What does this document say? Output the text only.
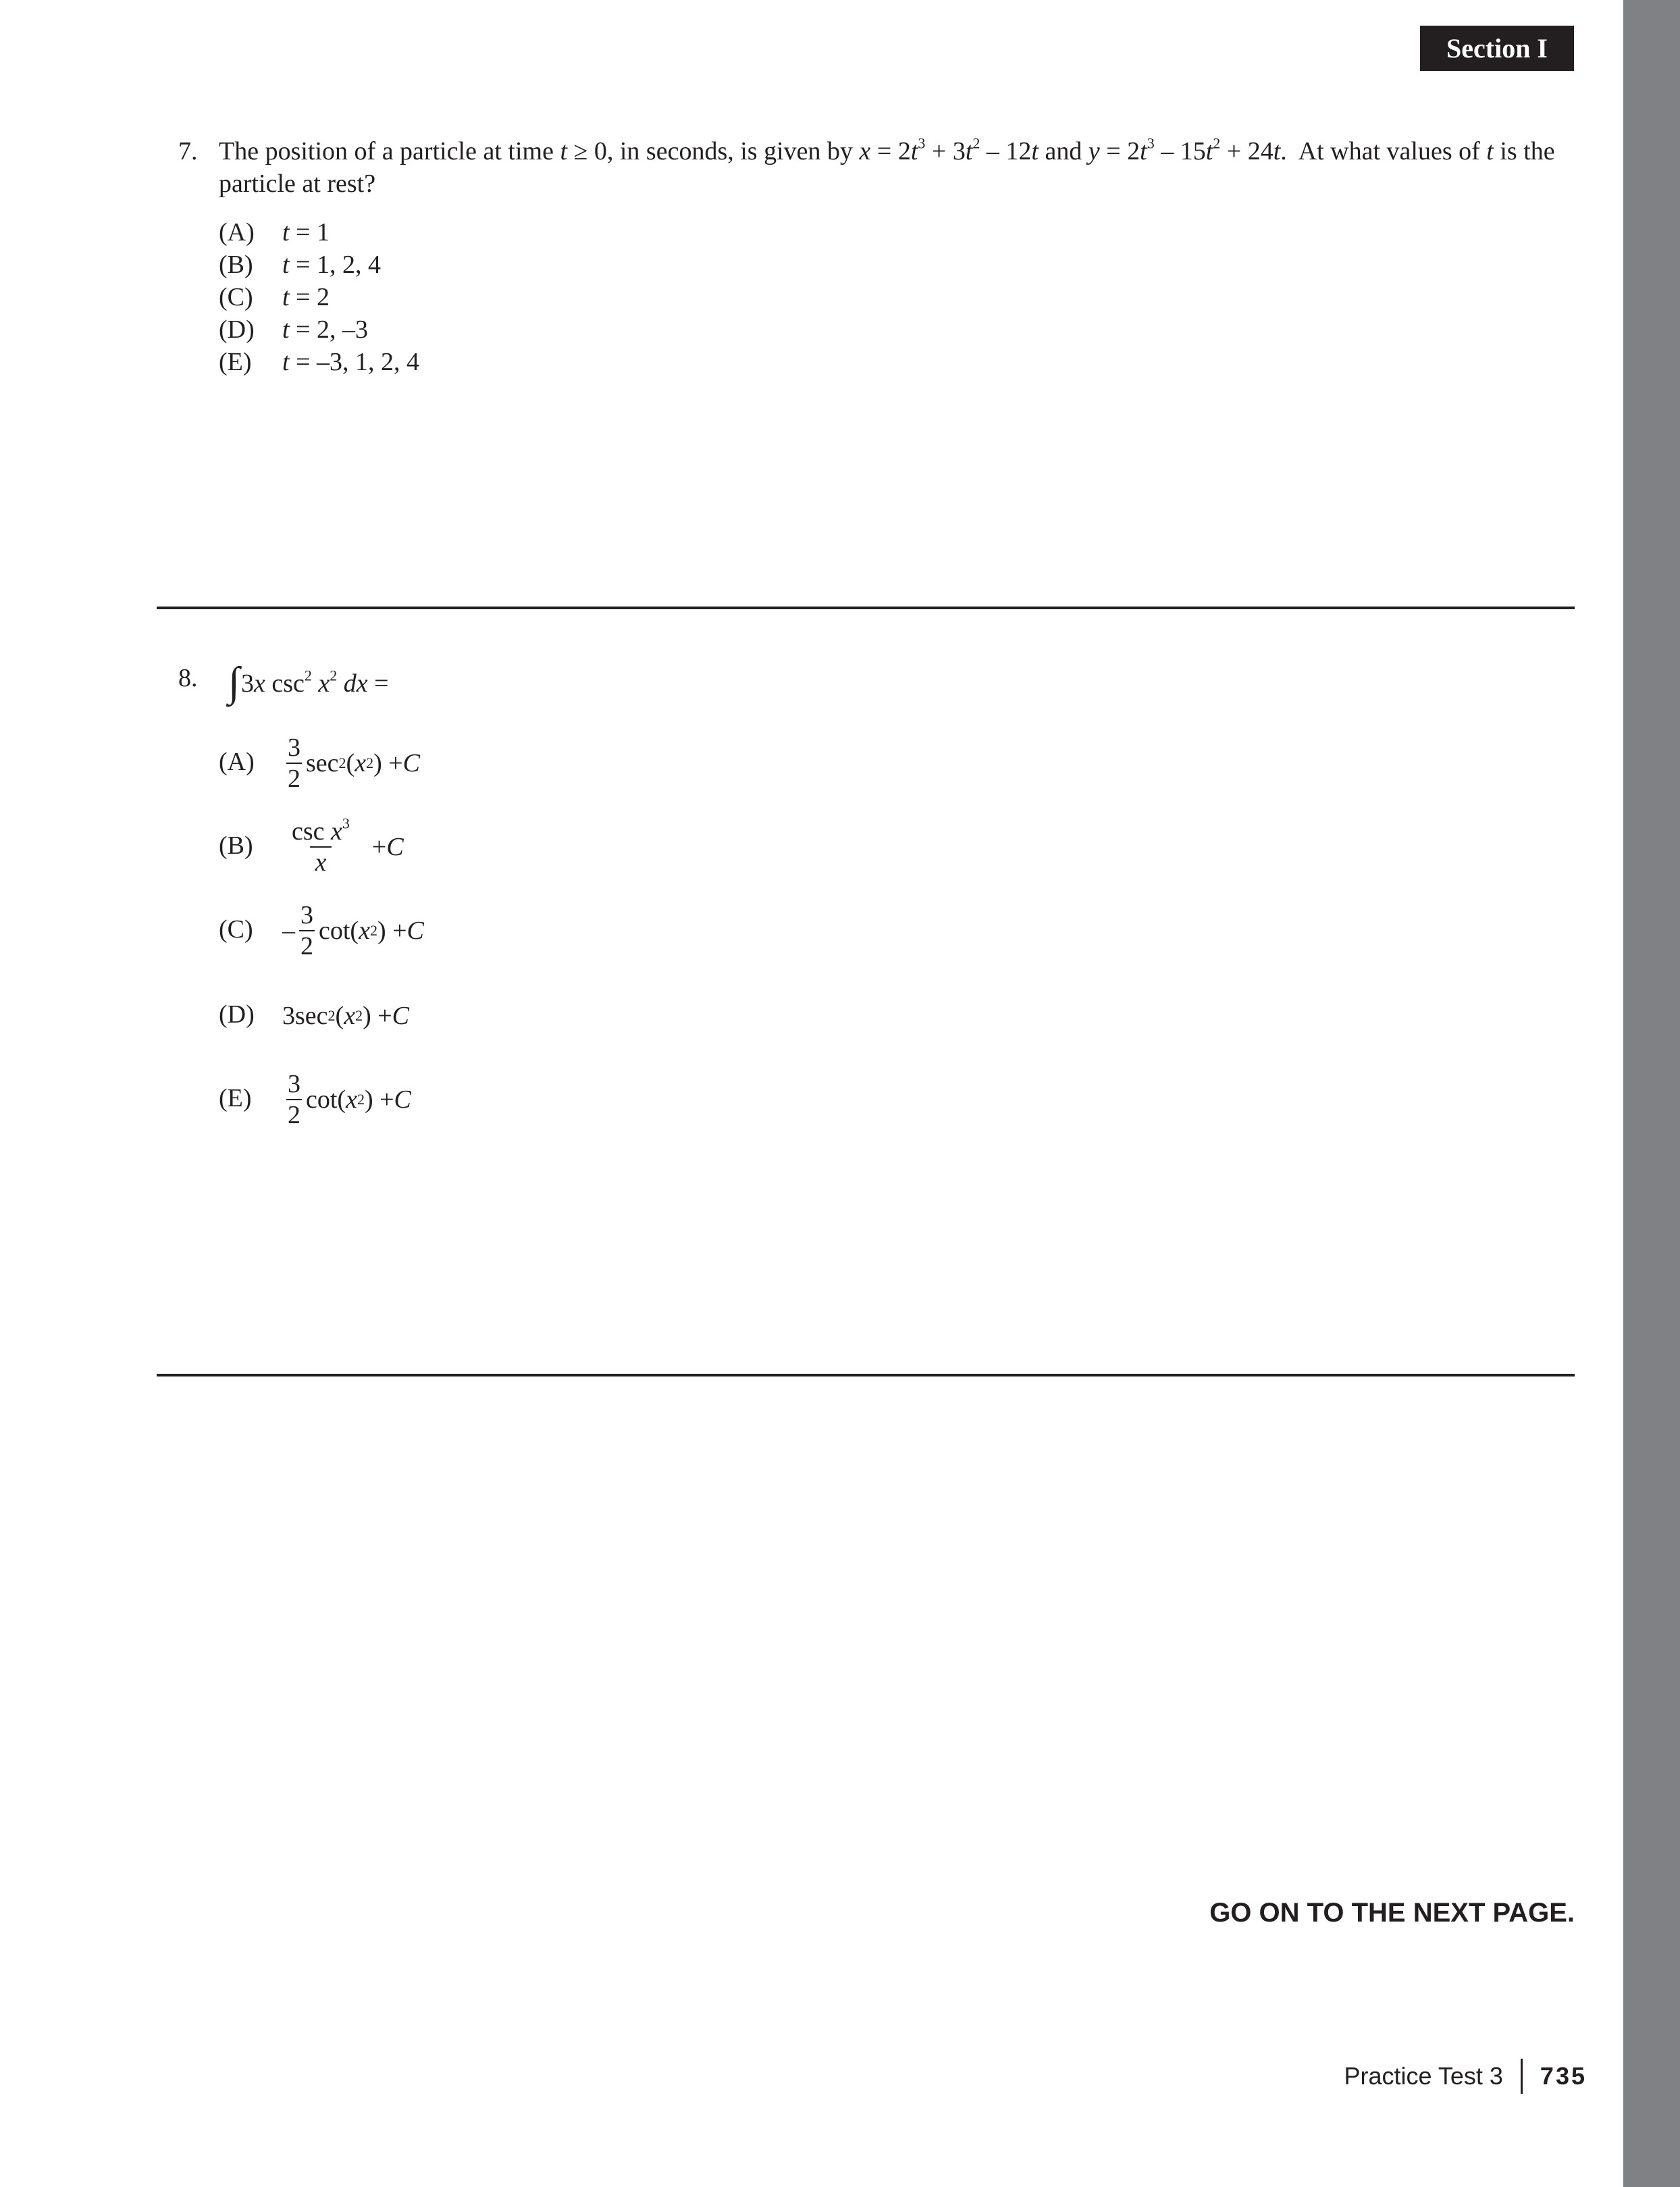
Section I
7. The position of a particle at time t ≥ 0, in seconds, is given by $x = 2t^3 + 3t^2 - 12t$ and $y = 2t^3 - 15t^2 + 24t$.  At what values of t is the particle at rest?
(A) t = 1
(B) t = 1, 2, 4
(C) t = 2
(D) t = 2, –3
(E) t = –3, 1, 2, 4
8. ∫3x $\csc^2 x^2$ dx =
$(A) \frac{3}{2}$ sec 2 ( x 2 ) + C
$(B) \frac{\csc x^3}{x} + C$
$(C) - \frac{3}{2} \cot$( x 2 ) + C
(D) 3sec 2 ( x 2 ) + C
$(E) \frac{3}{2} \cot$( x 2 ) + C
GO ON TO THE NEXT PAGE.
Practice Test 3 735
